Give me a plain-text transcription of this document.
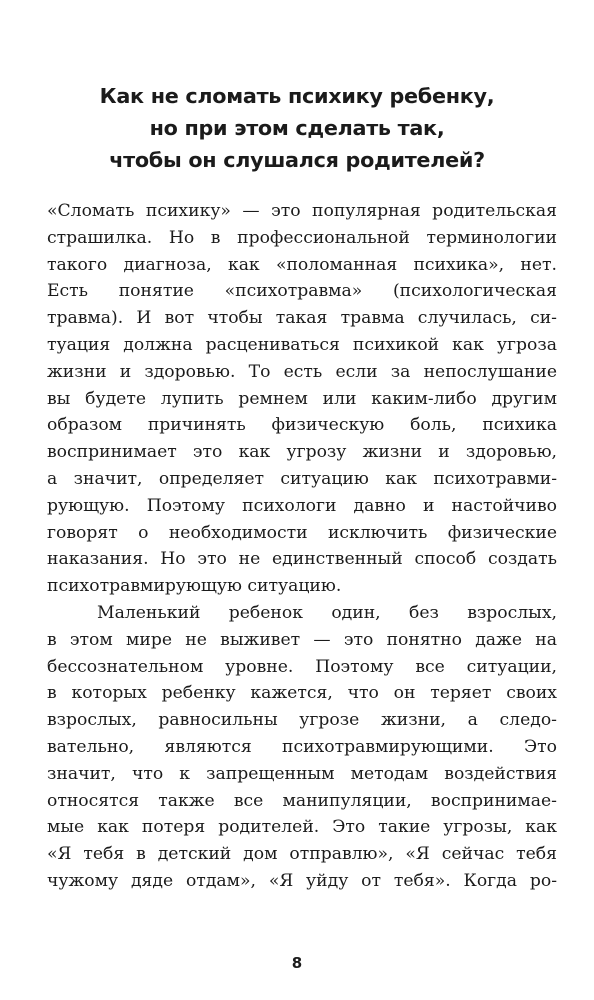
Как не сломать психику ребенку,
но при этом сделать так,
чтобы он слушался родителей?
«Сломать психику» — это популярная родительская
страшилка. Но в профессиональной терминологии
такого диагноза, как «поломанная психика», нет.
Есть понятие «психотравма» (психологическая
травма). И вот чтобы такая травма случилась, си-
туация должна расцениваться психикой как угроза
жизни и здоровью. То есть если за непослушание
вы будете лупить ремнем или каким-либо другим
образом причинять физическую боль, психика
воспринимает это как угрозу жизни и здоровью,
а значит, определяет ситуацию как психотравми-
рующую. Поэтому психологи давно и настойчиво
говорят о необходимости исключить физические
наказания. Но это не единственный способ создать
психотравмирующую ситуацию.
Маленький ребенок один, без взрослых,
в этом мире не выживет — это понятно даже на
бессознательном уровне. Поэтому все ситуации,
в которых ребенку кажется, что он теряет своих
взрослых, равносильны угрозе жизни, а следо-
вательно, являются психотравмирующими. Это
значит, что к запрещенным методам воздействия
относятся также все манипуляции, воспринимае-
мые как потеря родителей. Это такие угрозы, как
«Я тебя в детский дом отправлю», «Я сейчас тебя
чужому дяде отдам», «Я уйду от тебя». Когда ро-
8
